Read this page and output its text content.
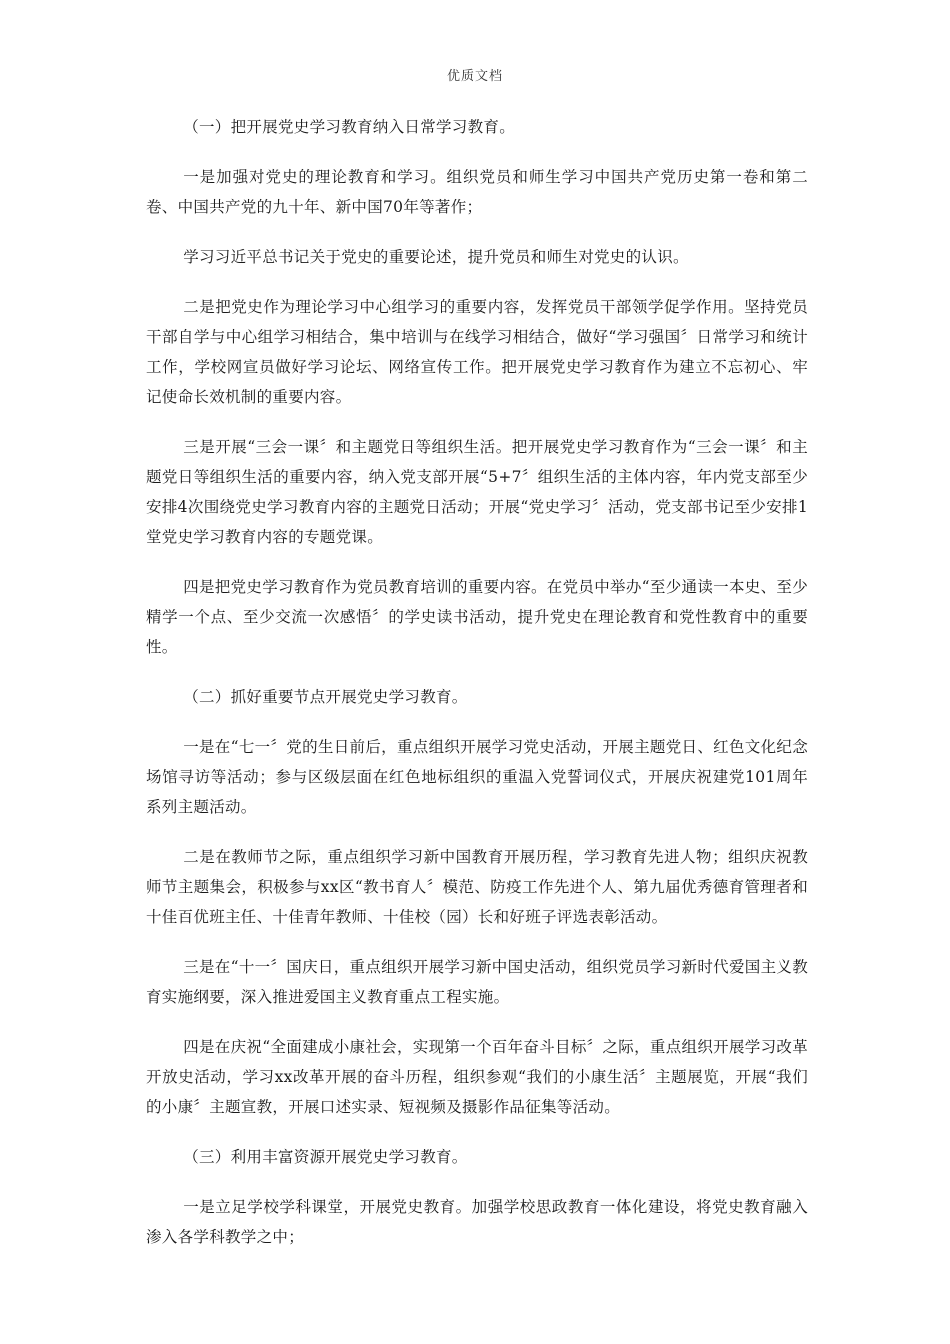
优质文档

（一）把开展党史学习教育纳入日常学习教育。

一是加强对党史的理论教育和学习。组织党员和师生学习中国共产党历史第一卷和第二卷、中国共产党的九十年、新中国70年等著作；

学习习近平总书记关于党史的重要论述，提升党员和师生对党史的认识。

二是把党史作为理论学习中心组学习的重要内容，发挥党员干部领学促学作用。坚持党员干部自学与中心组学习相结合，集中培训与在线学习相结合，做好“学习强国〞日常学习和统计工作，学校网宣员做好学习论坛、网络宣传工作。把开展党史学习教育作为建立不忘初心、牢记使命长效机制的重要内容。

三是开展“三会一课〞和主题党日等组织生活。把开展党史学习教育作为“三会一课〞和主题党日等组织生活的重要内容，纳入党支部开展“5+7〞组织生活的主体内容，年内党支部至少安排4次围绕党史学习教育内容的主题党日活动；开展“党史学习〞活动，党支部书记至少安排1堂党史学习教育内容的专题党课。

四是把党史学习教育作为党员教育培训的重要内容。在党员中举办“至少通读一本史、至少精学一个点、至少交流一次感悟〞的学史读书活动，提升党史在理论教育和党性教育中的重要性。

（二）抓好重要节点开展党史学习教育。

一是在“七一〞党的生日前后，重点组织开展学习党史活动，开展主题党日、红色文化纪念场馆寻访等活动；参与区级层面在红色地标组织的重温入党誓词仪式，开展庆祝建党101周年系列主题活动。

二是在教师节之际，重点组织学习新中国教育开展历程，学习教育先进人物；组织庆祝教师节主题集会，积极参与xx区“教书育人〞模范、防疫工作先进个人、第九届优秀德育管理者和十佳百优班主任、十佳青年教师、十佳校（园）长和好班子评选表彰活动。

三是在“十一〞国庆日，重点组织开展学习新中国史活动，组织党员学习新时代爱国主义教育实施纲要，深入推进爱国主义教育重点工程实施。

四是在庆祝“全面建成小康社会，实现第一个百年奋斗目标〞之际，重点组织开展学习改革开放史活动，学习xx改革开展的奋斗历程，组织参观“我们的小康生活〞主题展览，开展“我们的小康〞主题宣教，开展口述实录、短视频及摄影作品征集等活动。

（三）利用丰富资源开展党史学习教育。

一是立足学校学科课堂，开展党史教育。加强学校思政教育一体化建设，将党史教育融入渗入各学科教学之中；
